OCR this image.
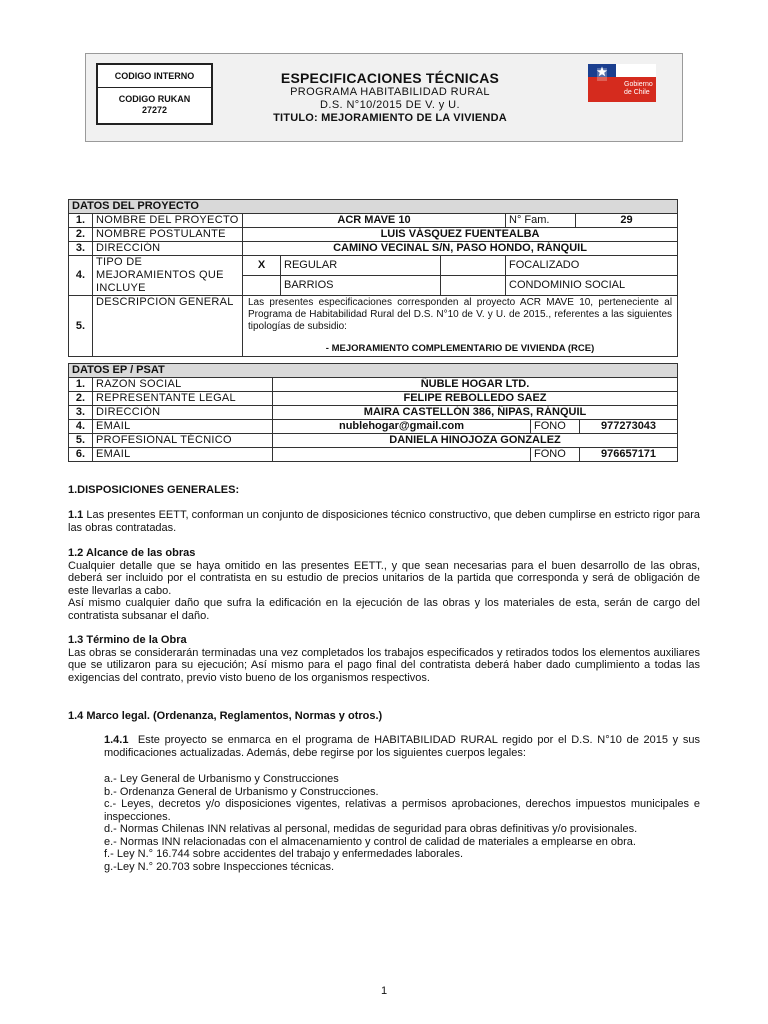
CODIGO INTERNO
CODIGO RUKAN
27272
ESPECIFICACIONES TÉCNICAS
PROGRAMA HABITABILIDAD RURAL
D.S. N°10/2015 DE V. y U.
TITULO: MEJORAMIENTO DE LA VIVIENDA
Gobierno
de Chile
DATOS DEL PROYECTO						
1.	NOMBRE DEL PROYECTO	ACR MAVE 10			N° Fam.	29
2.	NOMBRE POSTULANTE	LUIS VÁSQUEZ FUENTEALBA				
3.	DIRECCIÓN	CAMINO VECINAL S/N, PASO HONDO, RÁNQUIL				
4.	TIPO DE MEJORAMIENTOS QUE INCLUYE	X	REGULAR		FOCALIZADO	
			BARRIOS		CONDOMINIO SOCIAL	
5.	DESCRIPCION GENERAL	Las presentes especificaciones corresponden al proyecto ACR MAVE 10, perteneciente al Programa de Habitabilidad Rural del D.S. N°10 de V. y U. de 2015., referentes a las siguientes tipologías de subsidio:
- MEJORAMIENTO COMPLEMENTARIO DE VIVIENDA (RCE)				
DATOS EP / PSAT				
1.	RAZON SOCIAL	ÑUBLE HOGAR LTD.		
2.	REPRESENTANTE LEGAL	FELIPE REBOLLEDO SAEZ		
3.	DIRECCIÓN	MAIRA CASTELLÓN 386, ÑIPAS, RÁNQUIL		
4.	EMAIL	nublehogar@gmail.com	FONO	977273043
5.	PROFESIONAL TÉCNICO	DANIELA HINOJOZA GONZALEZ		
6.	EMAIL		FONO	976657171

1.DISPOSICIONES GENERALES:

1.1 Las presentes EETT, conforman un conjunto de disposiciones técnico constructivo, que deben cumplirse en estricto rigor para las obras contratadas.

1.2 Alcance de las obras

Cualquier detalle que se haya omitido en las presentes EETT., y que sean necesarias para el buen desarrollo de las obras, deberá ser incluido por el contratista en su estudio de precios unitarios de la partida que corresponda y será de obligación de este llevarlas a cabo.

Así mismo cualquier daño que sufra la edificación en la ejecución de las obras y los materiales de esta, serán de cargo del contratista subsanar el daño.

1.3 Término de la Obra

Las obras se considerarán terminadas una vez completados los trabajos especificados y retirados todos los elementos auxiliares que se utilizaron para su ejecución; Así mismo para el pago final del contratista deberá haber dado cumplimiento a todas las exigencias del contrato, previo visto bueno de los organismos respectivos.

1.4 Marco legal. (Ordenanza, Reglamentos, Normas y otros.)

1.4.1 Este proyecto se enmarca en el programa de HABITABILIDAD RURAL regido por el D.S. N°10 de 2015 y sus modificaciones actualizadas. Además, debe regirse por los siguientes cuerpos legales:

a.- Ley General de Urbanismo y Construcciones

b.- Ordenanza General de Urbanismo y Construcciones.

c.- Leyes, decretos y/o disposiciones vigentes, relativas a permisos aprobaciones, derechos impuestos municipales e inspecciones.

d.- Normas Chilenas INN relativas al personal, medidas de seguridad para obras definitivas y/o provisionales.

e.- Normas INN relacionadas con el almacenamiento y control de calidad de materiales a emplearse en obra.

f.- Ley N.° 16.744 sobre accidentes del trabajo y enfermedades laborales.

g.-Ley N.° 20.703 sobre Inspecciones técnicas.

1
